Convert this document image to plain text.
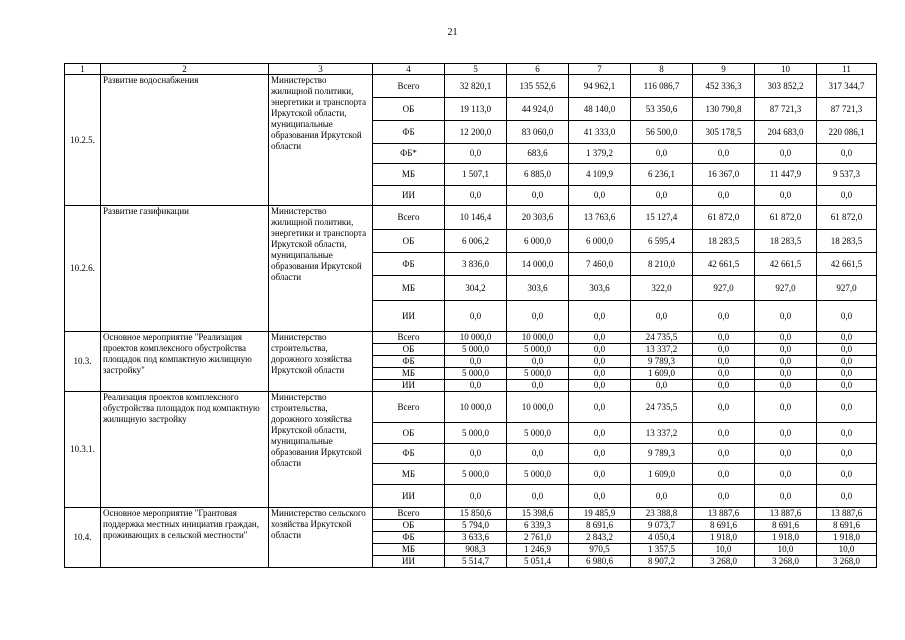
21
1	2	3	4	5	6	7	8	9	10	11
10.2.5.	Развитие водоснабжения	Министерство жилищной политики, энергетики и транспорта Иркутской области, муниципальные образования Иркутской области	Всего	32 820,1	135 552,6	94 962,1	116 086,7	452 336,3	303 852,2	317 344,7
			ОБ	19 113,0	44 924,0	48 140,0	53 350,6	130 790,8	87 721,3	87 721,3
			ФБ	12 200,0	83 060,0	41 333,0	56 500,0	305 178,5	204 683,0	220 086,1
			ФБ*	0,0	683,6	1 379,2	0,0	0,0	0,0	0,0
			МБ	1 507,1	6 885,0	4 109,9	6 236,1	16 367,0	11 447,9	9 537,3
			ИИ	0,0	0,0	0,0	0,0	0,0	0,0	0,0
10.2.6.	Развитие газификации	Министерство жилищной политики, энергетики и транспорта Иркутской области, муниципальные образования Иркутской области	Всего	10 146,4	20 303,6	13 763,6	15 127,4	61 872,0	61 872,0	61 872,0
			ОБ	6 006,2	6 000,0	6 000,0	6 595,4	18 283,5	18 283,5	18 283,5
			ФБ	3 836,0	14 000,0	7 460,0	8 210,0	42 661,5	42 661,5	42 661,5
			МБ	304,2	303,6	303,6	322,0	927,0	927,0	927,0
			ИИ	0,0	0,0	0,0	0,0	0,0	0,0	0,0
10.3.	Основное мероприятие "Реализация проектов комплексного обустройства площадок под компактную жилищную застройку"	Министерство строительства, дорожного хозяйства Иркутской области	Всего	10 000,0	10 000,0	0,0	24 735,5	0,0	0,0	0,0
			ОБ	5 000,0	5 000,0	0,0	13 337,2	0,0	0,0	0,0
			ФБ	0,0	0,0	0,0	9 789,3	0,0	0,0	0,0
			МБ	5 000,0	5 000,0	0,0	1 609,0	0,0	0,0	0,0
			ИИ	0,0	0,0	0,0	0,0	0,0	0,0	0,0
10.3.1.	Реализация проектов комплексного обустройства площадок под компактную жилищную застройку	Министерство строительства, дорожного хозяйства Иркутской области, муниципальные образования Иркутской области	Всего	10 000,0	10 000,0	0,0	24 735,5	0,0	0,0	0,0
			ОБ	5 000,0	5 000,0	0,0	13 337,2	0,0	0,0	0,0
			ФБ	0,0	0,0	0,0	9 789,3	0,0	0,0	0,0
			МБ	5 000,0	5 000,0	0,0	1 609,0	0,0	0,0	0,0
			ИИ	0,0	0,0	0,0	0,0	0,0	0,0	0,0
10.4.	Основное мероприятие "Грантовая поддержка местных инициатив граждан, проживающих в сельской местности"	Министерство сельского хозяйства Иркутской области	Всего	15 850,6	15 398,6	19 485,9	23 388,8	13 887,6	13 887,6	13 887,6
			ОБ	5 794,0	6 339,3	8 691,6	9 073,7	8 691,6	8 691,6	8 691,6
			ФБ	3 633,6	2 761,0	2 843,2	4 050,4	1 918,0	1 918,0	1 918,0
			МБ	908,3	1 246,9	970,5	1 357,5	10,0	10,0	10,0
			ИИ	5 514,7	5 051,4	6 980,6	8 907,2	3 268,0	3 268,0	3 268,0
